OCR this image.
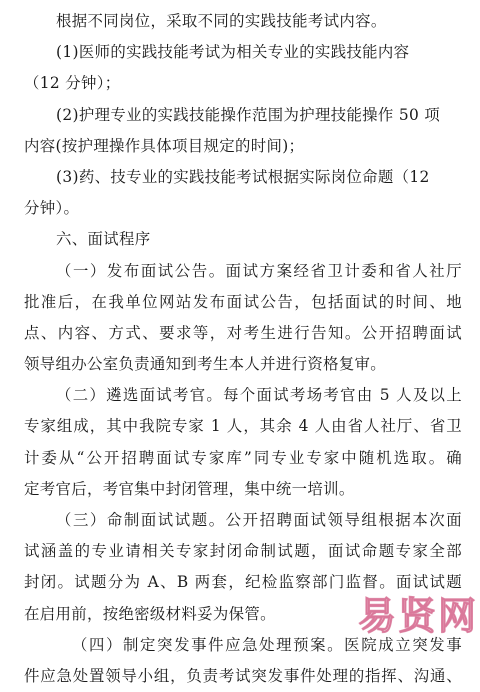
根据不同岗位，采取不同的实践技能考试内容。
(1)医师的实践技能考试为相关专业的实践技能内容
（12 分钟）；
(2)护理专业的实践技能操作范围为护理技能操作 50 项
内容(按护理操作具体项目规定的时间)；
(3)药、技专业的实践技能考试根据实际岗位命题（12
分钟）。
六、面试程序
（一）发布面试公告。面试方案经省卫计委和省人社厅
批准后，在我单位网站发布面试公告，包括面试的时间、地
点、内容、方式、要求等，对考生进行告知。公开招聘面试
领导组办公室负责通知到考生本人并进行资格复审。
（二）遴选面试考官。每个面试考场考官由 5 人及以上
专家组成，其中我院专家 1 人，其余 4 人由省人社厅、省卫
计委从“公开招聘面试专家库”同专业专家中随机选取。确
定考官后，考官集中封闭管理，集中统一培训。
（三）命制面试试题。公开招聘面试领导组根据本次面
试涵盖的专业请相关专家封闭命制试题，面试命题专家全部
封闭。试题分为 A、B 两套，纪检监察部门监督。面试试题
在启用前，按绝密级材料妥为保管。
（四）制定突发事件应急处理预案。医院成立突发事
件应急处置领导小组，负责考试突发事件处理的指挥、沟通、
易贤网
